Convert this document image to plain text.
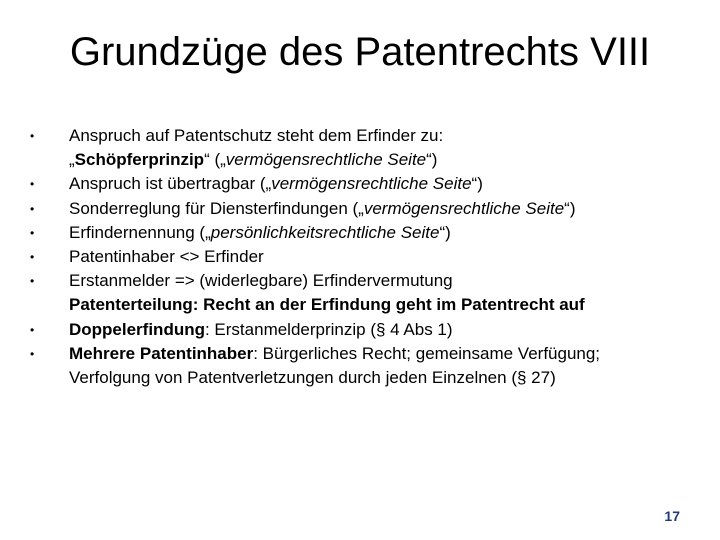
Grundzüge des Patentrechts VIII
•	Anspruch auf Patentschutz steht dem Erfinder zu:
„Schöpferprinzip“ („vermögensrechtliche Seite“)
•	Anspruch ist übertragbar („vermögensrechtliche Seite“)
•	Sonderreglung für Diensterfindungen („vermögensrechtliche Seite“)
•	Erfindernennung („persönlichkeitsrechtliche Seite“)
•	Patentinhaber <> Erfinder
•	Erstanmelder => (widerlegbare) Erfindervermutung
Patenterteilung: Recht an der Erfindung geht im Patentrecht auf
•	Doppelerfindung: Erstanmelderprinzip (§ 4 Abs 1)
•	Mehrere Patentinhaber: Bürgerliches Recht; gemeinsame Verfügung;
Verfolgung von Patentverletzungen durch jeden Einzelnen (§ 27)
17
